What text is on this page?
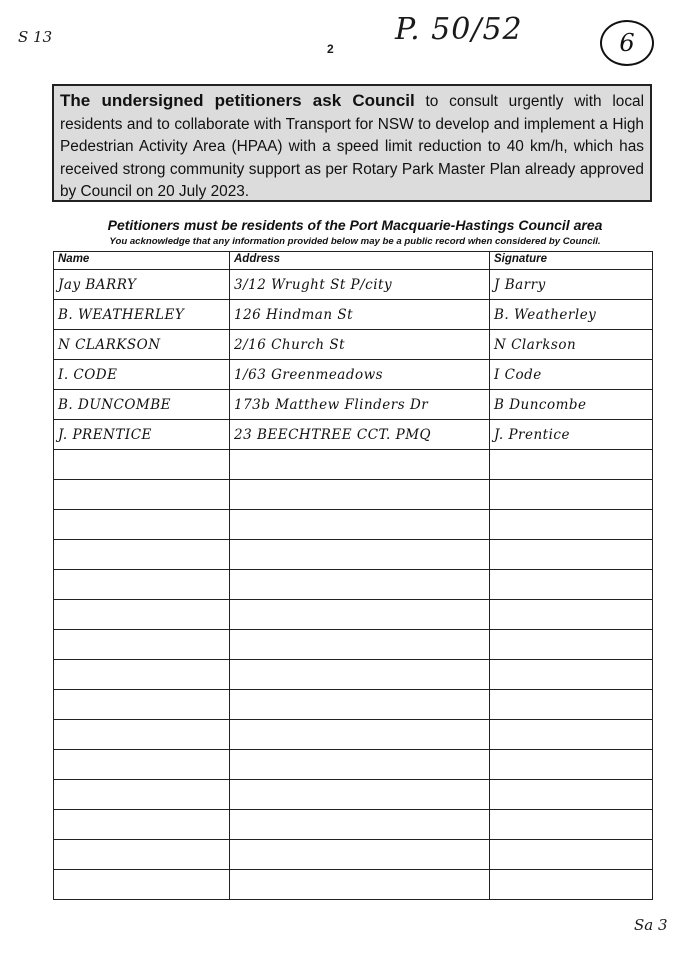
S 13
2
P. 50/52	6
The undersigned petitioners ask Council to consult urgently with local residents and to collaborate with Transport for NSW to develop and implement a High Pedestrian Activity Area (HPAA) with a speed limit reduction to 40 km/h, which has received strong community support as per Rotary Park Master Plan already approved by Council on 20 July 2023.
Petitioners must be residents of the Port Macquarie-Hastings Council area
You acknowledge that any information provided below may be a public record when considered by Council.
Name	Address	Signature
Jay BARRY	3/12 Wrught St P/city	J Barry
B. WEATHERLEY	126 Hindman St	B. Weatherley
N CLARKSON	2/16 Church St	N Clarkson
I. CODE	1/63 Greenmeadows	I Code
B. DUNCOMBE	173b Matthew Flinders Dr	B Duncombe
J. PRENTICE	23 BEECHTREE CCT. PMQ	J. Prentice

Sa 3
